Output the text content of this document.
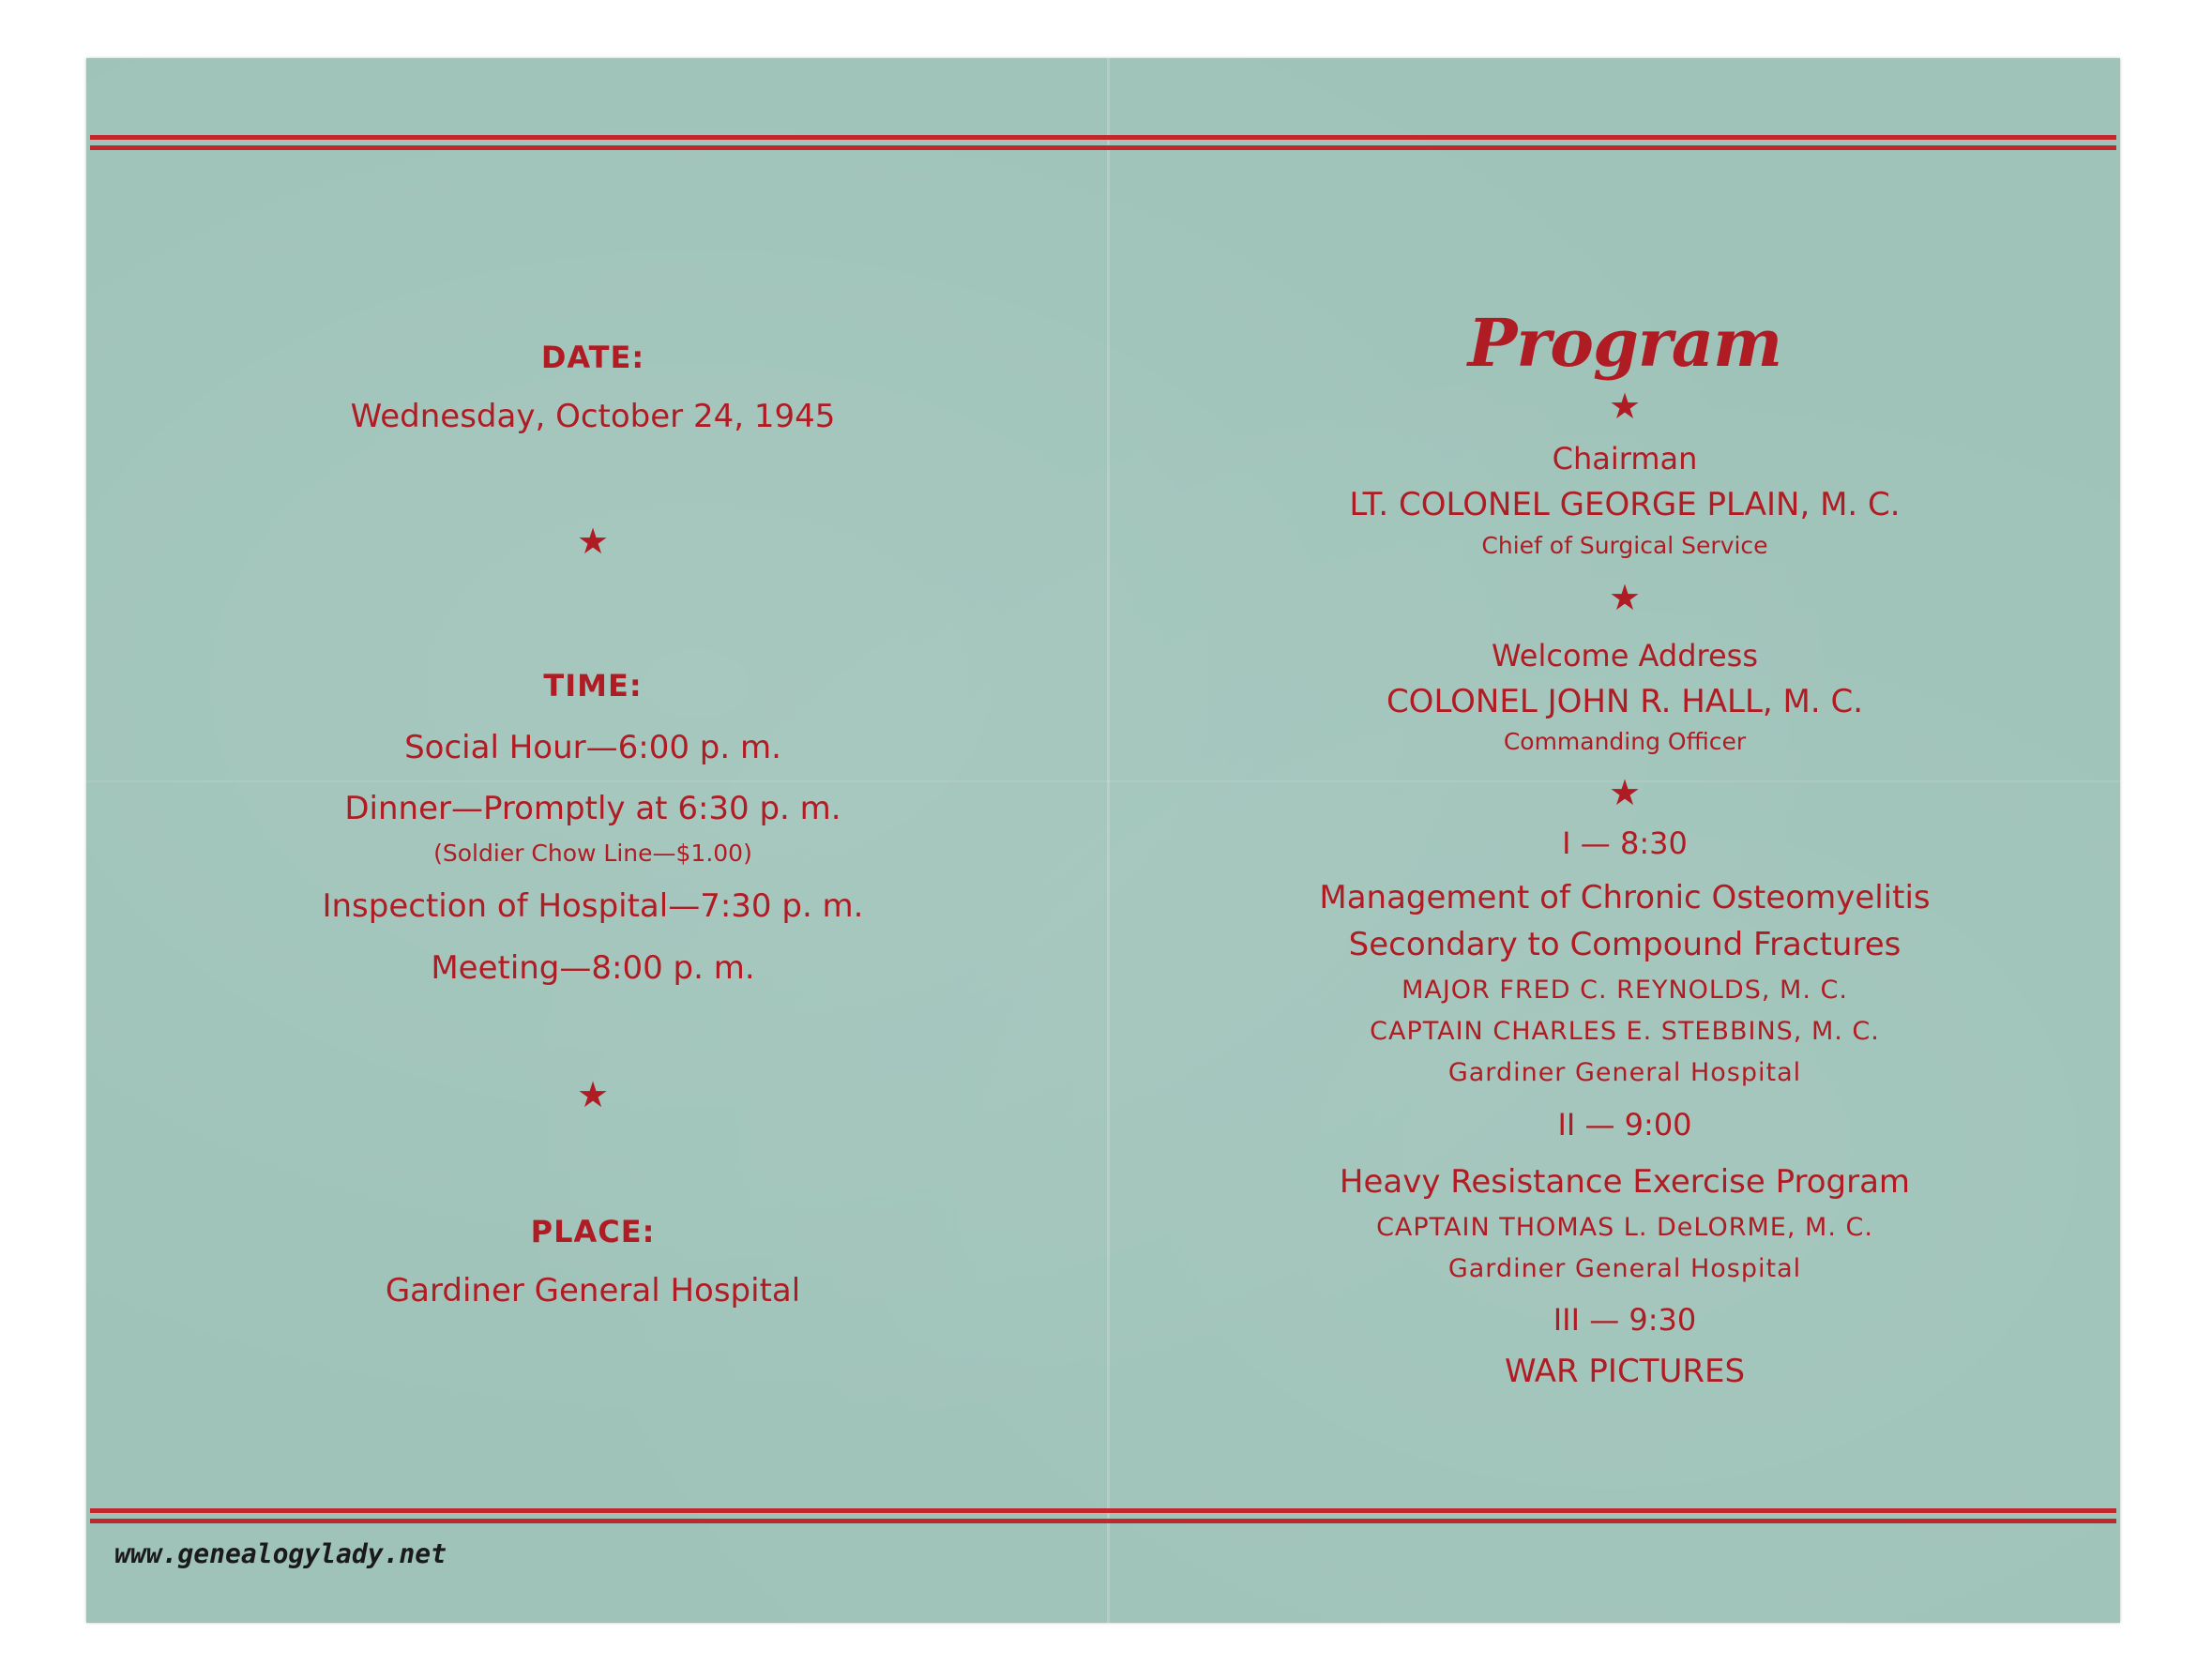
DATE:
Wednesday, October 24, 1945
★
TIME:
Social Hour—6:00 p. m.
Dinner—Promptly at 6:30 p. m.
(Soldier Chow Line—$1.00)
Inspection of Hospital—7:30 p. m.
Meeting—8:00 p. m.
★
PLACE:
Gardiner General Hospital
Program
★
Chairman
LT. COLONEL GEORGE PLAIN, M. C.
Chief of Surgical Service
★
Welcome Address
COLONEL JOHN R. HALL, M. C.
Commanding Officer
★
I — 8:30
Management of Chronic Osteomyelitis
Secondary to Compound Fractures
MAJOR FRED C. REYNOLDS, M. C.
CAPTAIN CHARLES E. STEBBINS, M. C.
Gardiner General Hospital
II — 9:00
Heavy Resistance Exercise Program
CAPTAIN THOMAS L. DeLORME, M. C.
Gardiner General Hospital
III — 9:30
WAR PICTURES
www.genealogylady.net
